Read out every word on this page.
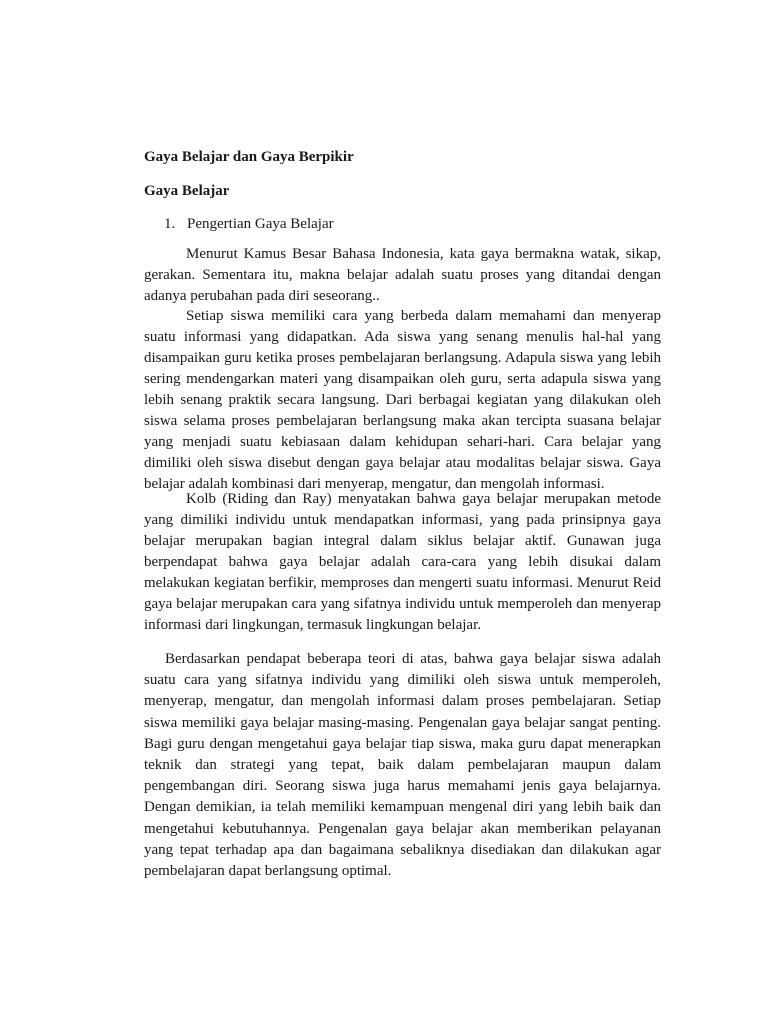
Gaya Belajar dan Gaya Berpikir
Gaya Belajar
1. Pengertian Gaya Belajar

Menurut Kamus Besar Bahasa Indonesia, kata gaya bermakna watak, sikap, gerakan. Sementara itu, makna belajar adalah suatu proses yang ditandai dengan adanya perubahan pada diri seseorang..

Setiap siswa memiliki cara yang berbeda dalam memahami dan menyerap suatu informasi yang didapatkan. Ada siswa yang senang menulis hal-hal yang disampaikan guru ketika proses pembelajaran berlangsung. Adapula siswa yang lebih sering mendengarkan materi yang disampaikan oleh guru, serta adapula siswa yang lebih senang praktik secara langsung. Dari berbagai kegiatan yang dilakukan oleh siswa selama proses pembelajaran berlangsung maka akan tercipta suasana belajar yang menjadi suatu kebiasaan dalam kehidupan sehari-hari. Cara belajar yang dimiliki oleh siswa disebut dengan gaya belajar atau modalitas belajar siswa. Gaya belajar adalah kombinasi dari menyerap, mengatur, dan mengolah informasi.

Kolb (Riding dan Ray) menyatakan bahwa gaya belajar merupakan metode yang dimiliki individu untuk mendapatkan informasi, yang pada prinsipnya gaya belajar merupakan bagian integral dalam siklus belajar aktif. Gunawan juga berpendapat bahwa gaya belajar adalah cara-cara yang lebih disukai dalam melakukan kegiatan berfikir, memproses dan mengerti suatu informasi. Menurut Reid gaya belajar merupakan cara yang sifatnya individu untuk memperoleh dan menyerap informasi dari lingkungan, termasuk lingkungan belajar.

Berdasarkan pendapat beberapa teori di atas, bahwa gaya belajar siswa adalah suatu cara yang sifatnya individu yang dimiliki oleh siswa untuk memperoleh, menyerap, mengatur, dan mengolah informasi dalam proses pembelajaran. Setiap siswa memiliki gaya belajar masing-masing. Pengenalan gaya belajar sangat penting. Bagi guru dengan mengetahui gaya belajar tiap siswa, maka guru dapat menerapkan teknik dan strategi yang tepat, baik dalam pembelajaran maupun dalam pengembangan diri. Seorang siswa juga harus memahami jenis gaya belajarnya. Dengan demikian, ia telah memiliki kemampuan mengenal diri yang lebih baik dan mengetahui kebutuhannya. Pengenalan gaya belajar akan memberikan pelayanan yang tepat terhadap apa dan bagaimana sebaliknya disediakan dan dilakukan agar pembelajaran dapat berlangsung optimal.
